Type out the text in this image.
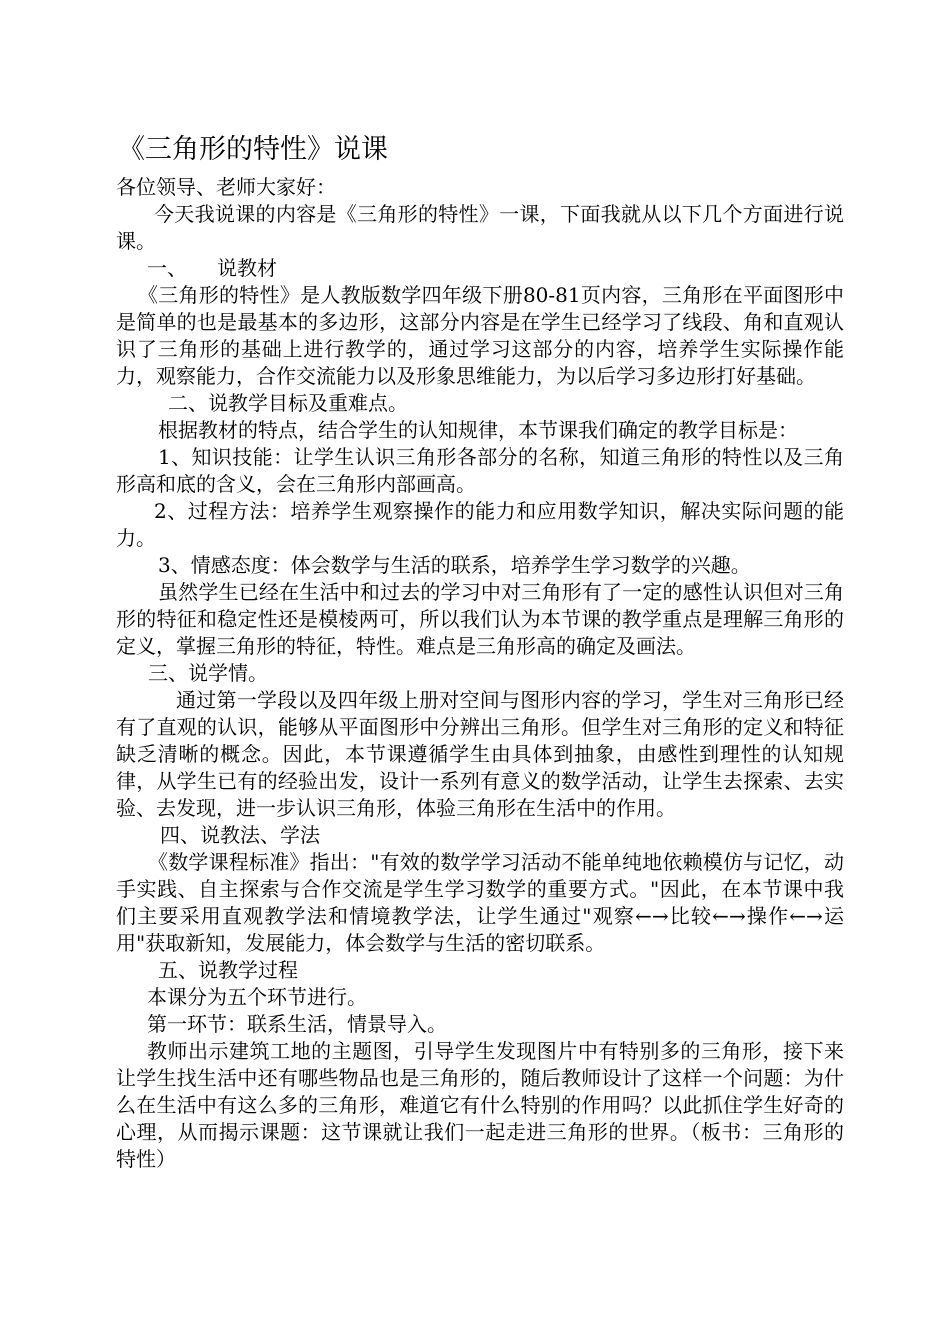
《三角形的特性》说课

各位领导、老师大家好：

今天我说课的内容是《三角形的特性》一课，下面我就从以下几个方面进行说课。

一、　　说教材

《三角形的特性》是人教版数学四年级下册80-81页内容，三角形在平面图形中是简单的也是最基本的多边形，这部分内容是在学生已经学习了线段、角和直观认识了三角形的基础上进行教学的，通过学习这部分的内容，培养学生实际操作能力，观察能力，合作交流能力以及形象思维能力，为以后学习多边形打好基础。

二、说教学目标及重难点。

根据教材的特点，结合学生的认知规律，本节课我们确定的教学目标是：

1、知识技能：让学生认识三角形各部分的名称，知道三角形的特性以及三角形高和底的含义，会在三角形内部画高。

2、过程方法：培养学生观察操作的能力和应用数学知识，解决实际问题的能力。

3、情感态度：体会数学与生活的联系，培养学生学习数学的兴趣。

虽然学生已经在生活中和过去的学习中对三角形有了一定的感性认识但对三角形的特征和稳定性还是模棱两可，所以我们认为本节课的教学重点是理解三角形的定义，掌握三角形的特征，特性。难点是三角形高的确定及画法。

三、说学情。

通过第一学段以及四年级上册对空间与图形内容的学习，学生对三角形已经有了直观的认识，能够从平面图形中分辨出三角形。但学生对三角形的定义和特征缺乏清晰的概念。因此，本节课遵循学生由具体到抽象，由感性到理性的认知规律，从学生已有的经验出发，设计一系列有意义的数学活动，让学生去探索、去实验、去发现，进一步认识三角形，体验三角形在生活中的作用。

四、说教法、学法

《数学课程标准》指出："有效的数学学习活动不能单纯地依赖模仿与记忆，动手实践、自主探索与合作交流是学生学习数学的重要方式。"因此，在本节课中我们主要采用直观教学法和情境教学法，让学生通过"观察←→比较←→操作←→运用"获取新知，发展能力，体会数学与生活的密切联系。

五、说教学过程

本课分为五个环节进行。

第一环节：联系生活，情景导入。

教师出示建筑工地的主题图，引导学生发现图片中有特别多的三角形，接下来让学生找生活中还有哪些物品也是三角形的，随后教师设计了这样一个问题：为什么在生活中有这么多的三角形，难道它有什么特别的作用吗？以此抓住学生好奇的心理，从而揭示课题：这节课就让我们一起走进三角形的世界。（板书：三角形的特性）
